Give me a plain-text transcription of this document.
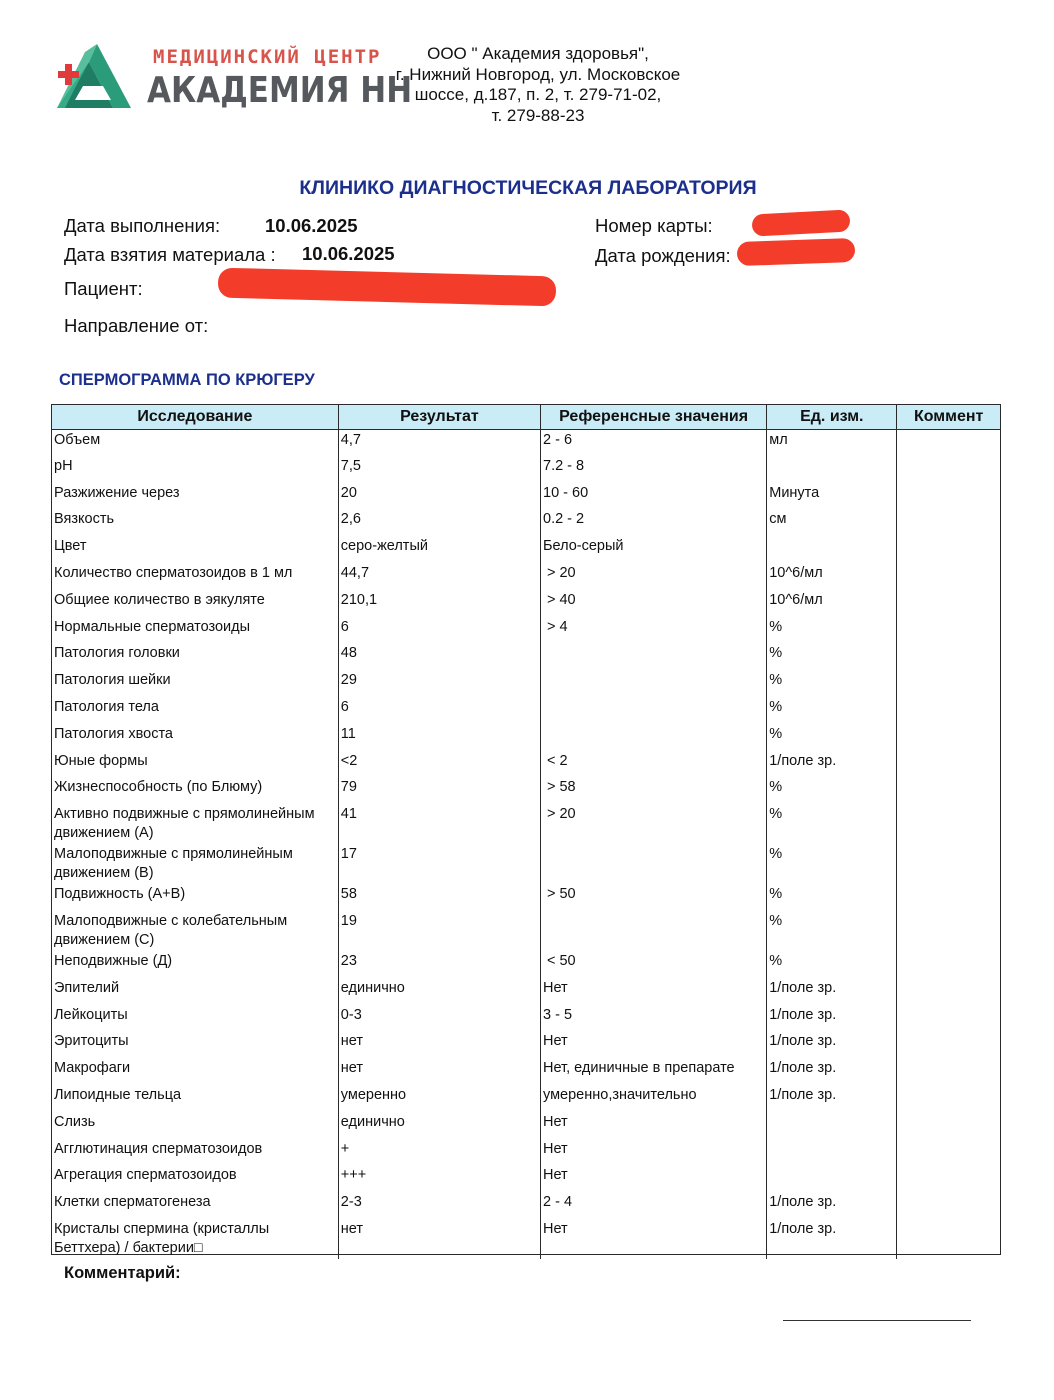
МЕДИЦИНСКИЙ ЦЕНТР
АКАДЕМИЯ НН
ООО " Академия здоровья",
г. Нижний Новгород, ул. Московское
шоссе, д.187, п. 2, т. 279-71-02,
т. 279-88-23
КЛИНИКО ДИАГНОСТИЧЕСКАЯ ЛАБОРАТОРИЯ
Дата выполнения: 10.06.2025
Дата взятия материала : 10.06.2025
Пациент:
Направление от:
Номер карты:
Дата рождения:
СПЕРМОГРАММА ПО КРЮГЕРУ
Исследование	Результат	Референсные значения	Ед. изм.	Коммент
Объем	4,7	2 - 6	мл	
pH	7,5	7.2 - 8		
Разжижение через	20	10 - 60	Минута	
Вязкость	2,6	0.2 - 2	см	
Цвет	серо-желтый	Бело-серый		
Количество сперматозоидов в 1 мл	44,7	> 20	10^6/мл	
Общиее количество в эякуляте	210,1	> 40	10^6/мл	
Нормальные сперматозоиды	6	> 4	%	
Патология головки	48		%	
Патология шейки	29		%	
Патология тела	6		%	
Патология хвоста	11		%	
Юные формы	<2	< 2	1/поле зр.	
Жизнеспособность (по Блюму)	79	> 58	%	
Активно подвижные с прямолинейным движением (А)	41	> 20	%	
Малоподвижные с прямолинейным движением (В)	17		%	
Подвижность (А+В)	58	> 50	%	
Малоподвижные с колебательным движением (С)	19		%	
Неподвижные (Д)	23	< 50	%	
Эпителий	единично	Нет	1/поле зр.	
Лейкоциты	0-3	3 - 5	1/поле зр.	
Эритоциты	нет	Нет	1/поле зр.	
Макрофаги	нет	Нет, единичные в препарате	1/поле зр.	
Липоидные тельца	умеренно	умеренно,значительно	1/поле зр.	
Слизь	единично	Нет		
Агглютинация сперматозоидов	+	Нет		
Агрегация сперматозоидов	+++	Нет		
Клетки сперматогенеза	2-3	2 - 4	1/поле зр.	
Кристалы спермина (кристаллы Беттхера) / бактерии□	нет	Нет	1/поле зр.	
Комментарий:
